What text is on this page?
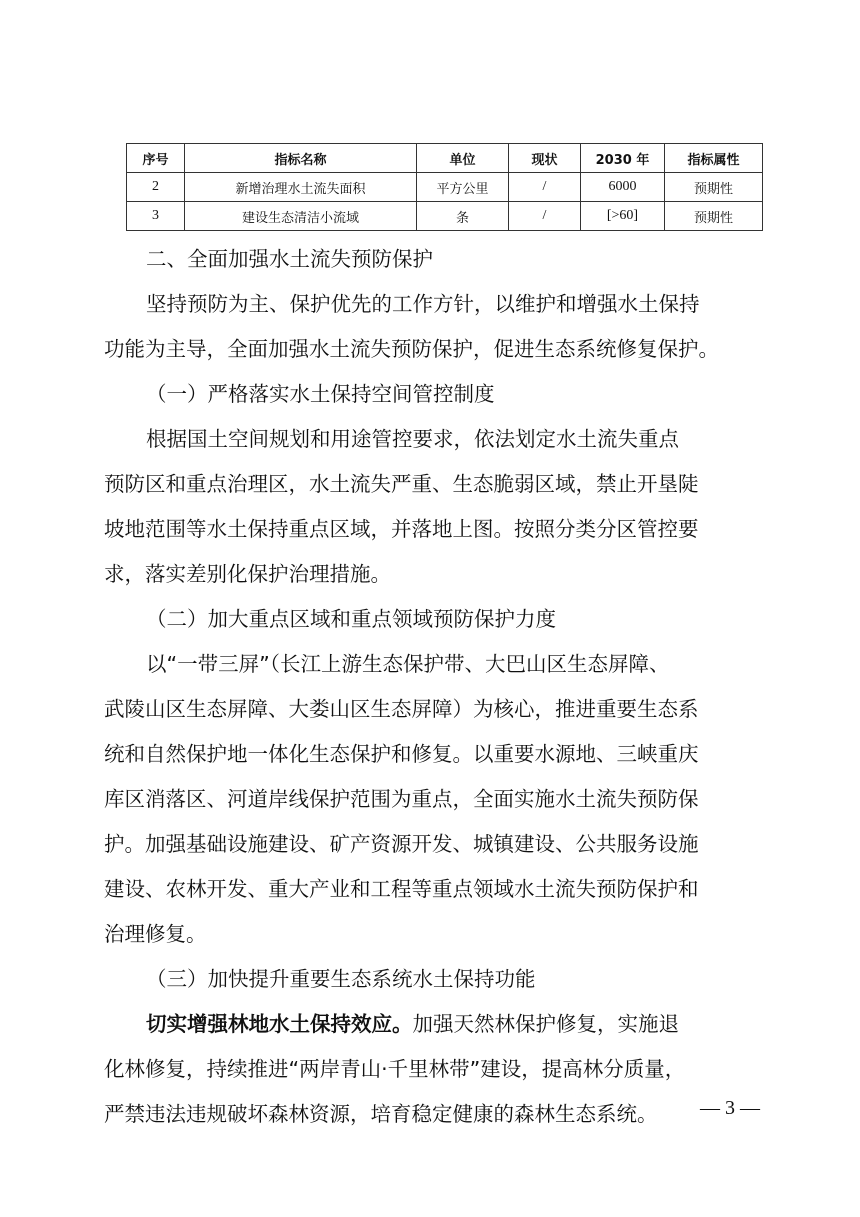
序号	指标名称	单位	现状	2030 年	指标属性
2	新增治理水土流失面积	平方公里	/	6000	预期性
3	建设生态清洁小流域	条	/	[>60]	预期性
二、全面加强水土流失预防保护
坚持预防为主、保护优先的工作方针，以维护和增强水土保持
功能为主导，全面加强水土流失预防保护，促进生态系统修复保护。
（一）严格落实水土保持空间管控制度
根据国土空间规划和用途管控要求，依法划定水土流失重点
预防区和重点治理区，水土流失严重、生态脆弱区域，禁止开垦陡
坡地范围等水土保持重点区域，并落地上图。按照分类分区管控要
求，落实差别化保护治理措施。
（二）加大重点区域和重点领域预防保护力度
以“一带三屏”（长江上游生态保护带、大巴山区生态屏障、
武陵山区生态屏障、大娄山区生态屏障）为核心，推进重要生态系
统和自然保护地一体化生态保护和修复。以重要水源地、三峡重庆
库区消落区、河道岸线保护范围为重点，全面实施水土流失预防保
护。加强基础设施建设、矿产资源开发、城镇建设、公共服务设施
建设、农林开发、重大产业和工程等重点领域水土流失预防保护和
治理修复。
（三）加快提升重要生态系统水土保持功能
切实增强林地水土保持效应。加强天然林保护修复，实施退
化林修复，持续推进“两岸青山·千里林带”建设，提高林分质量，
严禁违法违规破坏森林资源，培育稳定健康的森林生态系统。	— 3 —
